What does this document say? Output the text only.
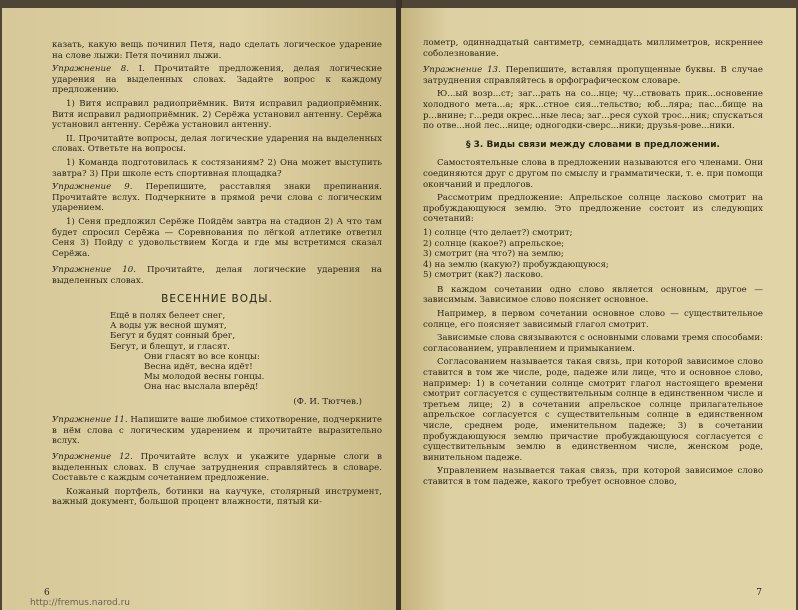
казать, какую вещь починил Петя, надо сделать логическое ударение на слове лыжи: Петя починил лыжи.

Упражнение 8. I. Прочитайте предложения, делая логические ударения на выделенных словах. Задайте вопрос к каждому предложению.

1) Витя исправил радиоприёмник. Витя исправил радиоприёмник. Витя исправил радиоприёмник. 2) Серёжа установил антенну. Серёжа установил антенну. Серёжа установил антенну.

II. Прочитайте вопросы, делая логические ударения на выделенных словах. Ответьте на вопросы.

1) Команда подготовилась к состязаниям? 2) Она может выступить завтра? 3) При школе есть спортивная площадка?

Упражнение 9. Перепишите, расставляя знаки препинания. Прочитайте вслух. Подчеркните в прямой речи слова с логическим ударением.

1) Сеня предложил Серёже Пойдём завтра на стадион 2) А что там будет спросил Серёжа — Соревнования по лёгкой атлетике ответил Сеня 3) Пойду с удовольствием Когда и где мы встретимся сказал Серёжа.

Упражнение 10. Прочитайте, делая логические ударения на выделенных словах.

ВЕСЕННИЕ ВОДЫ.
Ещё в полях белеет снег,
А воды уж весной шумят,
Бегут и будят сонный брег,
Бегут, и блещут, и гласят.
Они гласят во все концы:
Весна идёт, весна идёт!
Мы молодой весны гонцы.
Она нас выслала вперёд!
(Ф. И. Тютчев.)

Упражнение 11. Напишите ваше любимое стихотворение, подчеркните в нём слова с логическим ударением и прочитайте выразительно вслух.

Упражнение 12. Прочитайте вслух и укажите ударные слоги в выделенных словах. В случае затруднения справляйтесь в словаре. Составьте с каждым сочетанием предложение.

Кожаный портфель, ботинки на каучуке, столярный инструмент, важный документ, большой процент влажности, пятый ки-

6

лометр, одиннадцатый сантиметр, семнадцать миллиметров, искреннее соболезнование.

Упражнение 13. Перепишите, вставляя пропущенные буквы. В случае затруднения справляйтесь в орфографическом словаре.

Ю...ый возр...ст; заг...рать на со...нце; чу...ствовать прик...основение холодного мета...а; ярк...стное сия...тельство; юб...ляра; пас...бище на р...внине; г...реди окрес...ные леса; заг...реся сухой трос...ник; спускаться по отве...ной лес...нице; одногодки-сверс...ники; друзья-рове...ники.

§ 3. Виды связи между словами в предложении.

Самостоятельные слова в предложении называются его членами. Они соединяются друг с другом по смыслу и грамматически, т. е. при помощи окончаний и предлогов.

Рассмотрим предложение: Апрельское солнце ласково смотрит на пробуждающуюся землю. Это предложение состоит из следующих сочетаний:

1) солнце (что делает?) смотрит;
2) солнце (какое?) апрельское;
3) смотрит (на что?) на землю;
4) на землю (какую?) пробуждающуюся;
5) смотрит (как?) ласково.

В каждом сочетании одно слово является основным, другое — зависимым. Зависимое слово поясняет основное.

Например, в первом сочетании основное слово — существительное солнце, его поясняет зависимый глагол смотрит.

Зависимые слова связываются с основными словами тремя способами: согласованием, управлением и примыканием.

Согласованием называется такая связь, при которой зависимое слово ставится в том же числе, роде, падеже или лице, что и основное слово, например: 1) в сочетании солнце смотрит глагол настоящего времени смотрит согласуется с существительным солнце в единственном числе и третьем лице; 2) в сочетании апрельское солнце прилагательное апрельское согласуется с существительным солнце в единственном числе, среднем роде, именительном падеже; 3) в сочетании пробуждающуюся землю причастие пробуждающуюся согласуется с существительным землю в единственном числе, женском роде, винительном падеже.

Управлением называется такая связь, при которой зависимое слово ставится в том падеже, какого требует основное слово,

7
http://fremus.narod.ru
